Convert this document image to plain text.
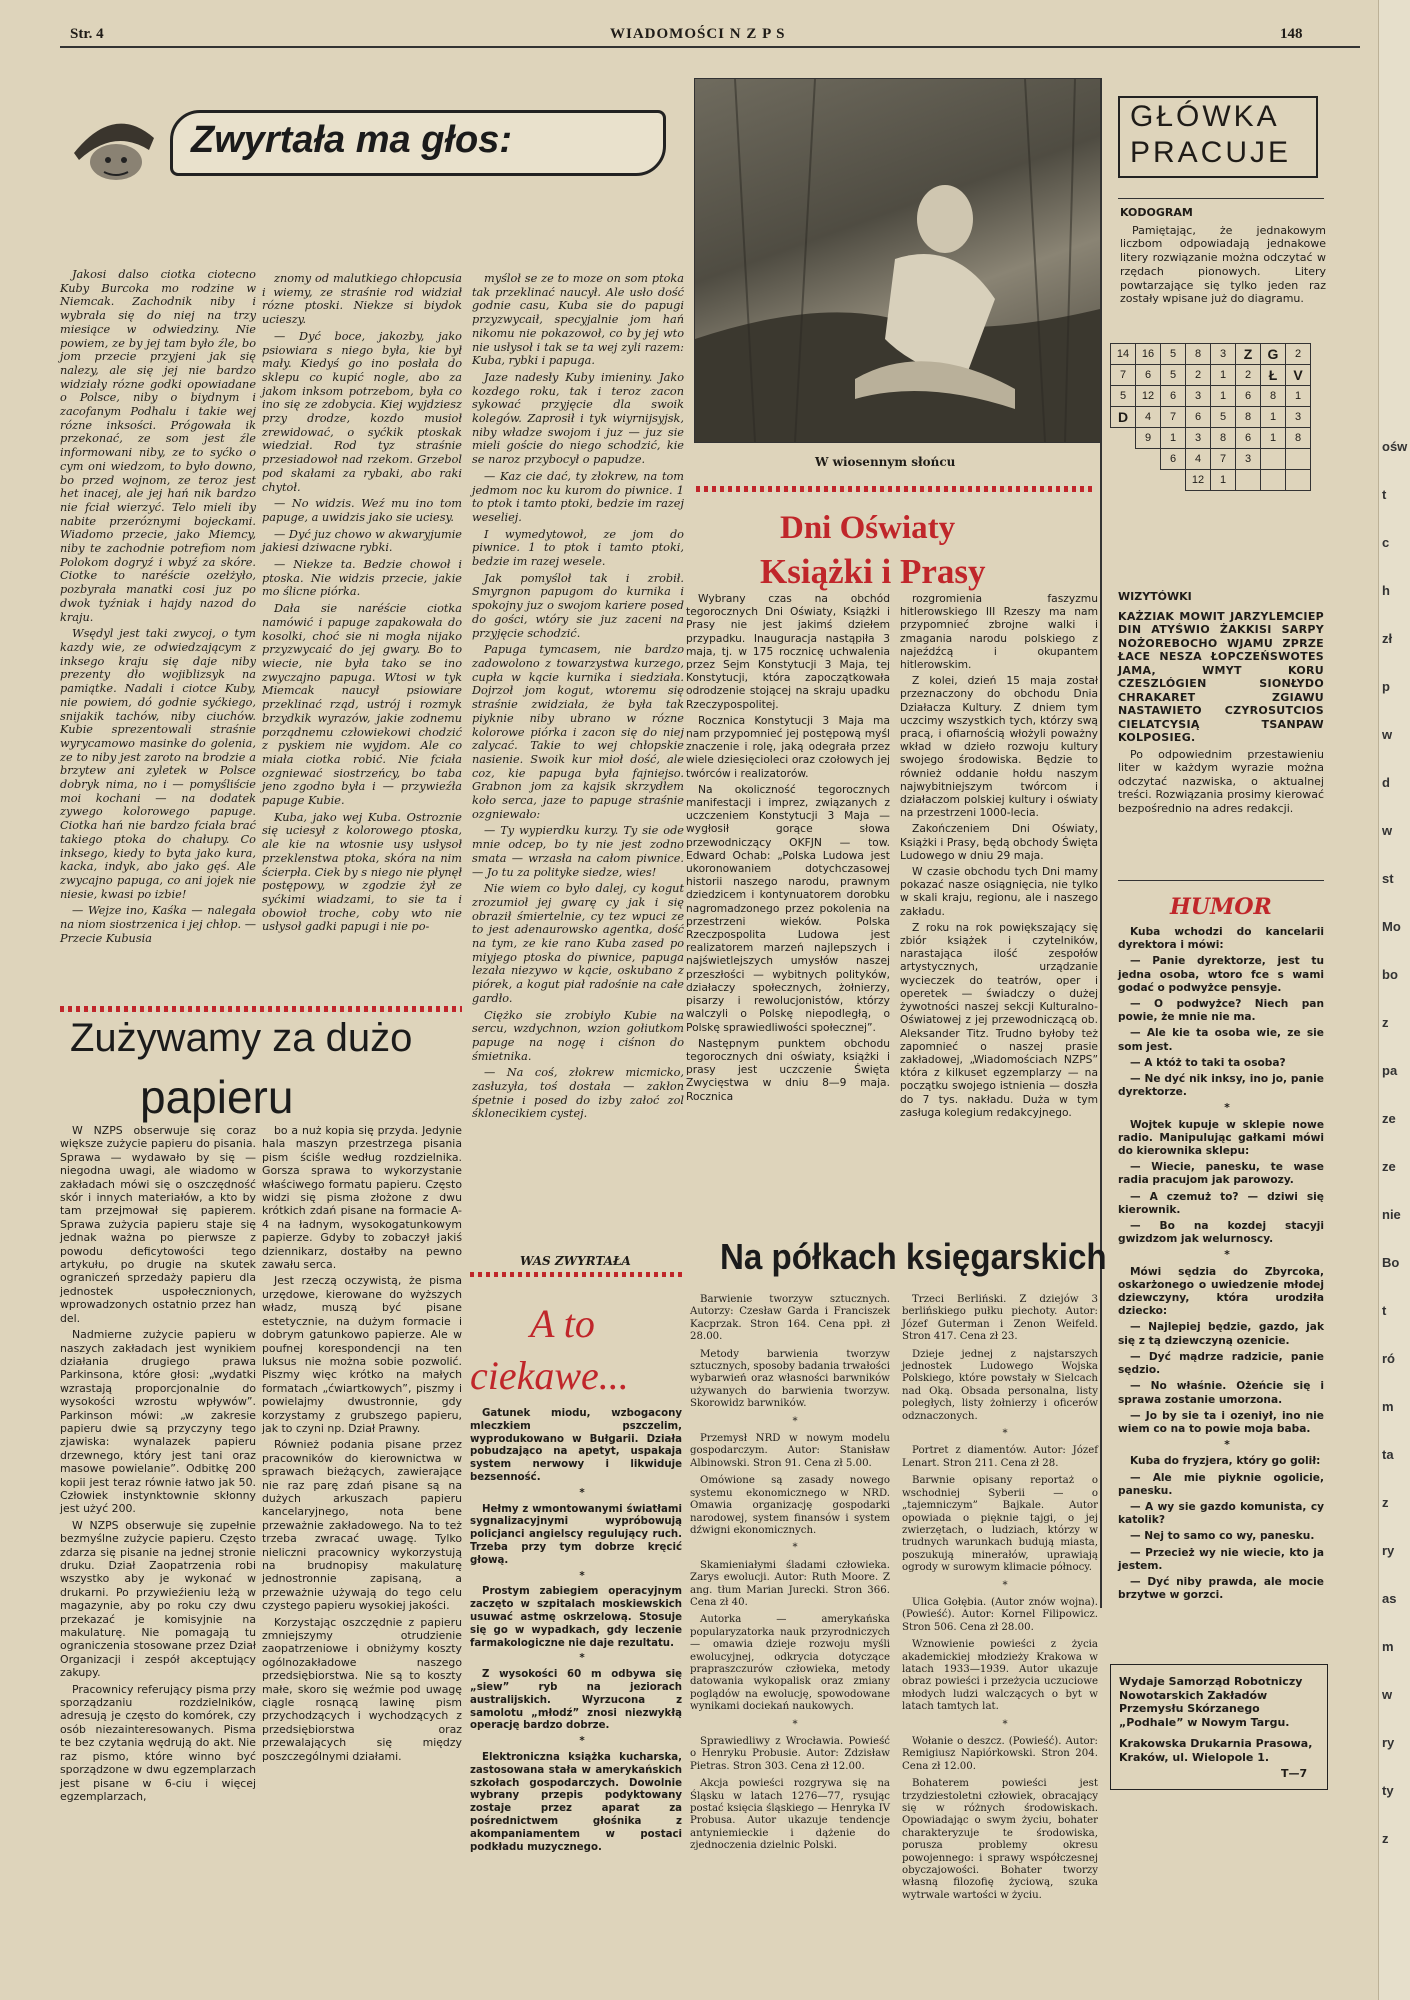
Str. 4	WIADOMOŚCI N Z P S	148
Zwyrtała ma głos:

Jakosi dalso ciotka ciotecno Kuby Burcoka mo rodzine w Niemcak. Zachodnik niby i wybrała się do niej na trzy miesiące w odwiedziny. Nie powiem, ze by jej tam było źle, bo jom przecie przyjeni jak się nalezy, ale się jej nie bardzo widziały rózne godki opowiadane o Polsce, niby o biydnym i zacofanym Podhalu i takie wej rózne inksości. Prógowała ik przekonać, ze som jest źle informowani niby, ze to syćko o cym oni wiedzom, to było downo, bo przed wojnom, ze teroz jest het inacej, ale jej hań nik bardzo nie fciał wierzyć. Telo mieli iby nabite przeróznymi bojeckami. Wiadomo przecie, jako Miemcy, niby te zachodnie potrefiom nom Polokom dogryź i wbyź za skóre. Ciotke to naréście ozełżyło, pozbyrała manatki cosi juz po dwok tyźniak i hajdy nazod do kraju.

Wsędyl jest taki zwycoj, o tym kazdy wie, ze odwiedzającym z inksego kraju się daje niby prezenty dło wojiblizsyk na pamiątke. Nadali i ciotce Kuby, nie powiem, dó godnie syćkiego, snijakik tachów, niby ciuchów. Kubie sprezentowali straśnie wyrycamowo masinke do golenia, ze to niby jest zaroto na brodzie a brzytew ani zyletek w Polsce dobryk nima, no i — pomyśliście moi kochani — na dodatek zywego kolorowego papuge. Ciotka hań nie bardzo fciała brać takiego ptoka do chałupy. Co inksego, kiedy to byta jako kura, kacka, indyk, abo jako gęś. Ale zwycajno papuga, co ani jojek nie niesie, kwasi po izbie!

— Wejze ino, Kaśka — nalegała na niom siostrzenica i jej chłop. — Przecie Kubusia

znomy od malutkiego chłopcusia i wiemy, ze straśnie rod widział rózne ptoski. Niekze si biydok ucieszy.

— Dyć boce, jakozby, jako psiowiara s niego była, kie był mały. Kiedyś go ino posłała do sklepu co kupić nogle, abo za jakom inksom potrzebom, była co ino się ze zdobycia. Kiej wyjdziesz przy drodze, kozdo musioł zrewidować, o syćkik ptoskak wiedział. Rod tyz straśnie przesiadowoł nad rzekom. Grzebol pod skałami za rybaki, abo raki chytoł.

— No widzis. Weź mu ino tom papuge, a uwidzis jako sie uciesy.

— Dyć juz chowo w akwaryjumie jakiesi dziwacne rybki.

— Niekze ta. Bedzie chowoł i ptoska. Nie widzis przecie, jakie mo ślicne piórka.

Dała sie naréście ciotka namówić i papuge zapakowała do kosolki, choć sie ni mogła nijako przyzwycaić do jej gwary. Bo to wiecie, nie była tako se ino zwyczajno papuga. Wtosi w tyk Miemcak naucył psiowiare przeklinać rząd, ustrój i rozmyk brzydkik wyrazów, jakie zodnemu porządnemu człowiekowi chodzić z pyskiem nie wyjdom. Ale co miała ciotka robić. Nie fciała ozgniewać siostrzeńcy, bo taba jeno zgodno była i — przywieźła papuge Kubie.

Kuba, jako wej Kuba. Ostroznie się uciesył z kolorowego ptoska, ale kie na wtosnie usy usłysoł przeklenstwa ptoka, skóra na nim ścierpła. Ciek by s niego nie płynęł postępowy, w zgodzie żył ze syćkimi wiadzami, to sie ta i obowioł troche, coby wto nie usłysoł gadki papugi i nie po-

myśloł se ze to moze on som ptoka tak przeklinać naucył. Ale usło dość godnie casu, Kuba sie do papugi przyzwycaił, specyjalnie jom hań nikomu nie pokazowoł, co by jej wto nie usłysoł i tak se ta wej zyli razem: Kuba, rybki i papuga.

Jaze nadesły Kuby imieniny. Jako kozdego roku, tak i teroz zacon sykować przyjęcie dla swoik kolegów. Zaprosił i tyk wiyrnijsyjsk, niby władze swojom i juz — juz sie mieli goście do niego schodzić, kie se naroz przybocył o papudze.

— Kaz cie dać, ty złokrew, na tom jedmom noc ku kurom do piwnice. 1 to ptok i tamto ptoki, bedzie im razej weseliej.

I wymedytowoł, ze jom do piwnice. 1 to ptok i tamto ptoki, bedzie im razej wesele.

Jak pomyśloł tak i zrobił. Smyrgnon papugom do kurnika i spokojny juz o swojom kariere posed do gości, wtóry sie juz zaceni na przyjęcie schodzić.

Papuga tymcasem, nie bardzo zadowolono z towarzystwa kurzego, cupła w kącie kurnika i siedziała. Dojrzoł jom kogut, wtoremu się straśnie zwidziała, że była tak piyknie niby ubrano w rózne kolorowe piórka i zacon się do niej zalycać. Takie to wej chłopskie nasienie. Swoik kur mioł dość, ale coz, kie papuga była fajniejso. Grabnon jom za kajsik skrzydłem koło serca, jaze to papuge straśnie ozgniewało:

— Ty wypierdku kurzy. Ty sie ode mnie odcep, bo ty nie jest zodno smata — wrzasła na całom piwnice. — Jo tu za polityke siedze, wies!

Nie wiem co było dalej, cy kogut zrozumioł jej gwarę cy jak i się obraził śmiertelnie, cy tez wpuci ze to jest adenaurowsko agentka, dość na tym, ze kie rano Kuba zased po miyjego ptoska do piwnice, papuga lezała niezywo w kącie, oskubano z piórek, a kogut piał radośnie na całe gardło.

Ciężko sie zrobiyło Kubie na sercu, wzdychnon, wzion gołiutkom papuge na nogę i ciśnon do śmietnika.

— Na coś, złokrew micmicko, zasłuzyła, toś dostała — zakłon śpetnie i posed do izby załoć zol śklonecikiem cystej.

WAS ZWYRTAŁA
W wiosennym słońcu
GŁÓWKA
PRACUJE
KODOGRAM

Pamiętając, że jednakowym liczbom odpowiadają jednakowe litery rozwiązanie można odczytać w rzędach pionowych. Litery powtarzające się tylko jeden raz zostały wpisane już do diagramu.

14	16	5	8	3	Z	G	2
7	6	5	2	1	2	Ł	V
5	12	6	3	1	6	8	1
D	4	7	6	5	8	1	3
	9	1	3	8	6	1	8
		6	4	7	3		
			12	1			
WIZYTÓWKI

KAŻZIAK MOWIT JARZYLEMCIEP DIN ATYŚWIO ŻAKKISI SARPY NOŻOREBOCHO WJAMU ZPRZE ŁACE NESZA ŁOPCZEŃSWOTES JAMA, WMYT KORU CZESZLÓGIEN SIONŁYDO CHRAKARET ZGIAWU NASTAWIETO CZYROSUTCIOS CIELATCYSIĄ TSANPAW KOLPOSIEG.

Po odpowiednim przestawieniu liter w każdym wyrazie można odczytać nazwiska, o aktualnej treści. Rozwiązania prosimy kierować bezpośrednio na adres redakcji.

HUMOR

Kuba wchodzi do kancelarii dyrektora i mówi:

— Panie dyrektorze, jest tu jedna osoba, wtoro fce s wami godać o podwyżce pensyje.

— O podwyżce? Niech pan powie, że mnie nie ma.

— Ale kie ta osoba wie, ze sie som jest.

— A któż to taki ta osoba?

— Ne dyć nik inksy, ino jo, panie dyrektorze.

*

Wojtek kupuje w sklepie nowe radio. Manipulując gałkami mówi do kierownika sklepu:

— Wiecie, panesku, te wase radia pracujom jak parowozy.

— A czemuż to? — dziwi się kierownik.

— Bo na kozdej stacyji gwizdzom jak welurnoscy.

*

Mówi sędzia do Zbyrcoka, oskarżonego o uwiedzenie młodej dziewczyny, która urodziła dziecko:

— Najlepiej będzie, gazdo, jak się z tą dziewczyną ozenicie.

— Dyć mądrze radzicie, panie sędzio.

— No właśnie. Ożeńcie się i sprawa zostanie umorzona.

— Jo by sie ta i ozeniył, ino nie wiem co na to powie moja baba.

*

Kuba do fryzjera, który go golił:

— Ale mie piyknie ogolicie, panesku.

— A wy sie gazdo komunista, cy katolik?

— Nej to samo co wy, panesku.

— Przecież wy nie wiecie, kto ja jestem.

— Dyć niby prawda, ale mocie brzytwe w gorzci.

Wydaje Samorząd Robotniczy Nowotarskich Zakładów Przemysłu Skórzanego „Podhale” w Nowym Targu.
Krakowska Drukarnia Prasowa, Kraków, ul. Wielopole 1.
T—7
Dni Oświaty
Książki i Prasy

Wybrany czas na obchód tegorocznych Dni Oświaty, Książki i Prasy nie jest jakimś dziełem przypadku. Inauguracja nastąpiła 3 maja, tj. w 175 rocznicę uchwalenia przez Sejm Konstytucji 3 Maja, tej Konstytucji, która zapoczątkowała odrodzenie stojącej na skraju upadku Rzeczypospolitej.

Rocznica Konstytucji 3 Maja ma nam przypomnieć jej postępową myśl znaczenie i rolę, jaką odegrała przez wiele dziesięcioleci oraz czołowych jej twórców i realizatorów.

Na okoliczność tegorocznych manifestacji i imprez, związanych z uczczeniem Konstytucji 3 Maja — wygłosił gorące słowa przewodniczący OKFJN — tow. Edward Ochab: „Polska Ludowa jest ukoronowaniem dotychczasowej historii naszego narodu, prawnym dziedzicem i kontynuatorem dorobku nagromadzonego przez pokolenia na przestrzeni wieków. Polska Rzeczpospolita Ludowa jest realizatorem marzeń najlepszych i najświetlejszych umysłów naszej przeszłości — wybitnych polityków, działaczy społecznych, żołnierzy, pisarzy i rewolucjonistów, którzy walczyli o Polskę niepodległą, o Polskę sprawiedliwości społecznej”.

Następnym punktem obchodu tegorocznych dni oświaty, książki i prasy jest uczczenie Święta Zwycięstwa w dniu 8—9 maja. Rocznica

rozgromienia faszyzmu hitlerowskiego III Rzeszy ma nam przypomnieć zbrojne walki i zmagania narodu polskiego z najeźdźcą i okupantem hitlerowskim.

Z kolei, dzień 15 maja został przeznaczony do obchodu Dnia Działacza Kultury. Z dniem tym uczcimy wszystkich tych, którzy swą pracą, i ofiarnością włożyli poważny wkład w dzieło rozwoju kultury swojego środowiska. Będzie to również oddanie hołdu naszym najwybitniejszym twórcom i działaczom polskiej kultury i oświaty na przestrzeni 1000-lecia.

Zakończeniem Dni Oświaty, Książki i Prasy, będą obchody Święta Ludowego w dniu 29 maja.

W czasie obchodu tych Dni mamy pokazać nasze osiągnięcia, nie tylko w skali kraju, regionu, ale i naszego zakładu.

Z roku na rok powiększający się zbiór książek i czytelników, narastająca ilość zespołów artystycznych, urządzanie wycieczek do teatrów, oper i operetek — świadczy o dużej żywotności naszej sekcji Kulturalno-Oświatowej z jej przewodniczącą ob. Aleksander Titz. Trudno byłoby też zapomnieć o naszej prasie zakładowej, „Wiadomościach NZPS” która z kilkuset egzemplarzy — na początku swojego istnienia — doszła do 7 tys. nakładu. Duża w tym zasługa kolegium redakcyjnego.

Na półkach księgarskich

Barwienie tworzyw sztucznych. Autorzy: Czesław Garda i Franciszek Kacprzak. Stron 164. Cena ppł. zł 28.00.

Metody barwienia tworzyw sztucznych, sposoby badania trwałości wybarwień oraz własności barwników używanych do barwienia tworzyw. Skorowidz barwników.

*

Przemysł NRD w nowym modelu gospodarczym. Autor: Stanisław Albinowski. Stron 91. Cena zł 5.00.

Omówione są zasady nowego systemu ekonomicznego w NRD. Omawia organizację gospodarki narodowej, system finansów i system dźwigni ekonomicznych.

*

Skamieniałymi śladami człowieka. Zarys ewolucji. Autor: Ruth Moore. Z ang. tłum Marian Jurecki. Stron 366. Cena zł 40.

Autorka — amerykańska popularyzatorka nauk przyrodniczych — omawia dzieje rozwoju myśli ewolucyjnej, odkrycia dotyczące prapraszczurów człowieka, metody datowania wykopalisk oraz zmiany poglądów na ewolucję, spowodowane wynikami dociekań naukowych.

*

Sprawiedliwy z Wrocławia. Powieść o Henryku Probusie. Autor: Zdzisław Pietras. Stron 303. Cena zł 12.00.

Akcja powieści rozgrywa się na Śląsku w latach 1276—77, rysując postać księcia śląskiego — Henryka IV Probusa. Autor ukazuje tendencje antyniemieckie i dążenie do zjednoczenia dzielnic Polski.

Trzeci Berliński. Z dziejów 3 berlińskiego pułku piechoty. Autor: Józef Guterman i Zenon Weifeld. Stron 417. Cena zł 23.

Dzieje jednej z najstarszych jednostek Ludowego Wojska Polskiego, które powstały w Sielcach nad Oką. Obsada personalna, listy poległych, listy żołnierzy i oficerów odznaczonych.

*

Portret z diamentów. Autor: Józef Lenart. Stron 211. Cena zł 28.

Barwnie opisany reportaż o wschodniej Syberii — o „tajemniczym” Bajkale. Autor opowiada o pięknie tajgi, o jej zwierzętach, o ludziach, którzy w trudnych warunkach budują miasta, poszukują minerałów, uprawiają ogrody w surowym klimacie północy.

*

Ulica Gołębia. (Autor znów wojna). (Powieść). Autor: Kornel Filipowicz. Stron 506. Cena zł 28.00.

Wznowienie powieści z życia akademickiej młodzieży Krakowa w latach 1933—1939. Autor ukazuje obraz powieści i przeżycia uczuciowe młodych ludzi walczących o byt w latach tamtych lat.

*

Wołanie o deszcz. (Powieść). Autor: Remigiusz Napiórkowski. Stron 204. Cena zł 12.00.

Bohaterem powieści jest trzydziestoletni człowiek, obracający się w różnych środowiskach. Opowiadając o swym życiu, bohater charakteryzuje te środowiska, porusza problemy okresu powojennego: i sprawy współczesnej obyczajowości. Bohater tworzy własną filozofię życiową, szuka wytrwale wartości w życiu.

Zużywamy za dużo
papieru

W NZPS obserwuje się coraz większe zużycie papieru do pisania. Sprawa — wydawało by się — niegodna uwagi, ale wiadomo w zakładach mówi się o oszczędność skór i innych materiałów, a kto by tam przejmował się papierem. Sprawa zużycia papieru staje się jednak ważna po pierwsze z powodu deficytowości tego artykułu, po drugie na skutek ograniczeń sprzedaży papieru dla jednostek uspołecznionych, wprowadzonych ostatnio przez han del.

Nadmierne zużycie papieru w naszych zakładach jest wynikiem działania drugiego prawa Parkinsona, które głosi: „wydatki wzrastają proporcjonalnie do wysokości wzrostu wpływów”. Parkinson mówi: „w zakresie papieru dwie są przyczyny tego zjawiska: wynalazek papieru drzewnego, który jest tani oraz masowe powielanie”. Odbitkę 200 kopii jest teraz równie łatwo jak 50. Człowiek instynktownie skłonny jest użyć 200.

W NZPS obserwuje się zupełnie bezmyślne zużycie papieru. Często zdarza się pisanie na jednej stronie druku. Dział Zaopatrzenia robi wszystko aby je wykonać w drukarni. Po przywieźieniu leżą w magazynie, aby po roku czy dwu przekazać je komisyjnie na makulaturę. Nie pomagają tu ograniczenia stosowane przez Dział Organizacji i zespół akceptujący zakupy.

Pracownicy referujący pisma przy sporządzaniu rozdzielników, adresują je często do komórek, czy osób niezainteresowanych. Pisma te bez czytania wędrują do akt. Nie raz pismo, które winno być sporządzone w dwu egzemplarzach jest pisane w 6-ciu i więcej egzemplarzach,

bo a nuż kopia się przyda. Jedynie hala maszyn przestrzega pisania pism ściśle według rozdzielnika. Gorsza sprawa to wykorzystanie właściwego formatu papieru. Często widzi się pisma złożone z dwu krótkich zdań pisane na formacie A-4 na ładnym, wysokogatunkowym papierze. Gdyby to zobaczył jakiś dziennikarz, dostałby na pewno zawału serca.

Jest rzeczą oczywistą, że pisma urzędowe, kierowane do wyższych władz, muszą być pisane estetycznie, na dużym formacie i dobrym gatunkowo papierze. Ale w poufnej korespondencji na ten luksus nie można sobie pozwolić. Piszmy więc krótko na małych formatach „ćwiartkowych”, piszmy i powielajmy dwustronnie, gdy korzystamy z grubszego papieru, jak to czyni np. Dział Prawny.

Również podania pisane przez pracowników do kierownictwa w sprawach bieżących, zawierające nie raz parę zdań pisane są na dużych arkuszach papieru kancelaryjnego, nota bene przeważnie zakładowego. Na to też trzeba zwracać uwagę. Tylko nieliczni pracownicy wykorzystują na brudnopisy makulaturę jednostronnie zapisaną, a przeważnie używają do tego celu czystego papieru wysokiej jakości.

Korzystając oszczędnie z papieru zmniejszymy otrudzienie zaopatrzeniowe i obniżymy koszty ogólnozakładowe naszego przedsiębiorstwa. Nie są to koszty małe, skoro się weźmie pod uwagę ciągle rosnącą lawinę pism przychodzących i wychodzących z przedsiębiorstwa oraz przewalających się między poszczególnymi działami.

A to
ciekawe...

Gatunek miodu, wzbogacony mleczkiem pszczelim, wyprodukowano w Bułgarii. Działa pobudzająco na apetyt, uspakaja system nerwowy i likwiduje bezsenność.

*

Hełmy z wmontowanymi światłami sygnalizacyjnymi wypróbowują policjanci angielscy regulujący ruch. Trzeba przy tym dobrze kręcić głową.

*

Prostym zabiegiem operacyjnym zaczęto w szpitalach moskiewskich usuwać astmę oskrzelową. Stosuje się go w wypadkach, gdy leczenie farmakologiczne nie daje rezultatu.

*

Z wysokości 60 m odbywa się „siew” ryb na jeziorach australijskich. Wyrzucona z samolotu „młodź” znosi niezwykłą operację bardzo dobrze.

*

Elektroniczna książka kucharska, zastosowana stała w amerykańskich szkołach gospodarczych. Dowolnie wybrany przepis podyktowany zostaje przez aparat za pośrednictwem głośnika z akompaniamentem w postaci podkładu muzycznego.

ośw
t
c
h
zł
p
w
d
w
st
Mo
bo
z
pa
ze
ze
nie
Bo
t
ró
m
ta
z
ry
as
m
w
ry
ty
z
